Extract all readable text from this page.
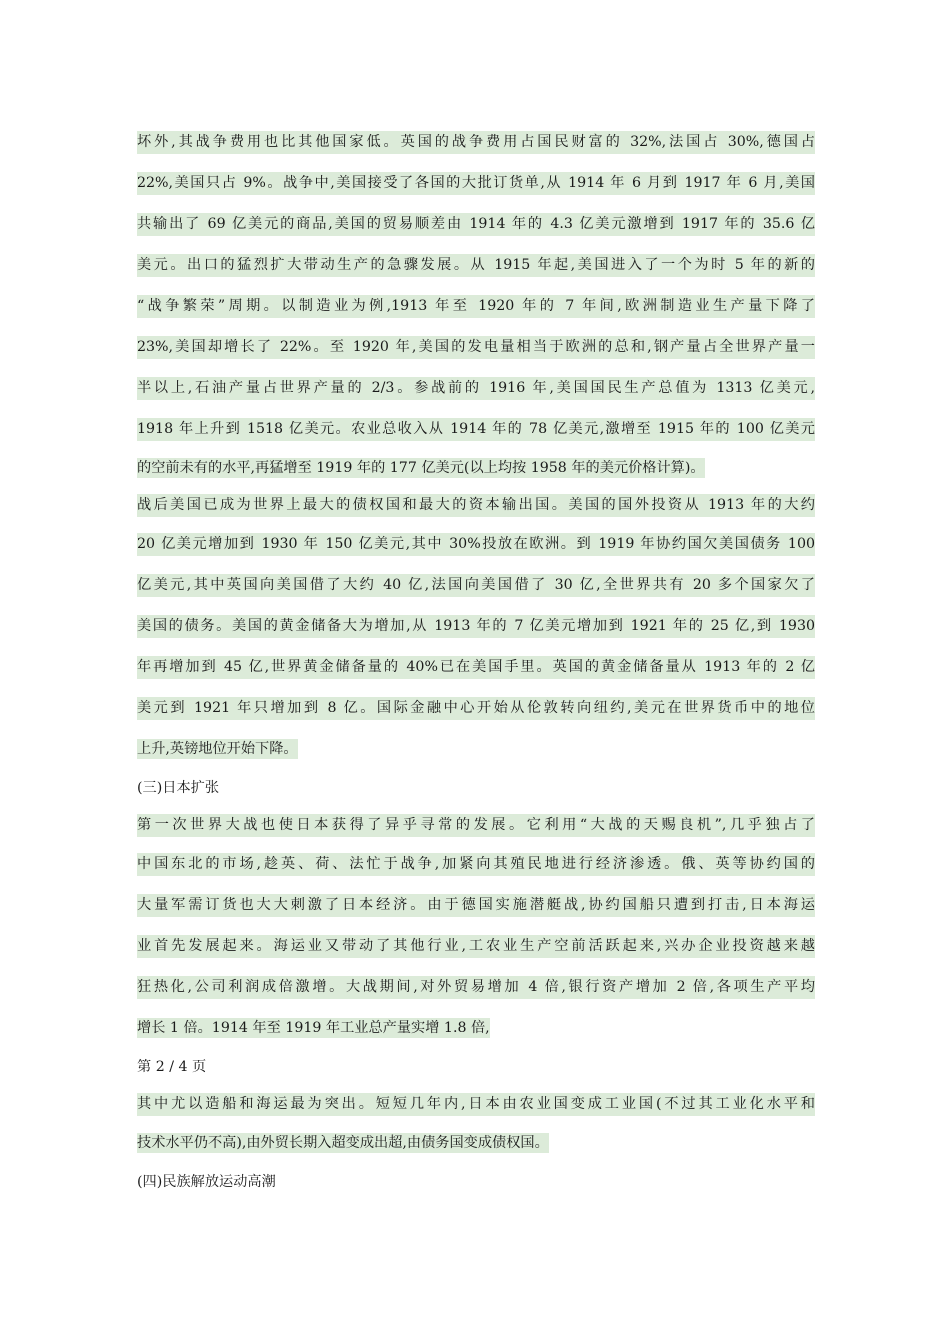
坏外,其战争费用也比其他国家低。英国的战争费用占国民财富的 32%,法国占 30%,德国占
22%,美国只占 9%。战争中,美国接受了各国的大批订货单,从 1914 年 6 月到 1917 年 6 月,美国
共输出了 69 亿美元的商品,美国的贸易顺差由 1914 年的 4.3 亿美元激增到 1917 年的 35.6 亿
美元。出口的猛烈扩大带动生产的急骤发展。从 1915 年起,美国进入了一个为时 5 年的新的
“战争繁荣”周期。以制造业为例,1913 年至 1920 年的 7 年间,欧洲制造业生产量下降了
23%,美国却增长了 22%。至 1920 年,美国的发电量相当于欧洲的总和,钢产量占全世界产量一
半以上,石油产量占世界产量的 2/3。参战前的 1916 年,美国国民生产总值为 1313 亿美元,
1918 年上升到 1518 亿美元。农业总收入从 1914 年的 78 亿美元,激增至 1915 年的 100 亿美元
的空前未有的水平,再猛增至 1919 年的 177 亿美元(以上均按 1958 年的美元价格计算)。
战后美国已成为世界上最大的债权国和最大的资本输出国。美国的国外投资从 1913 年的大约
20 亿美元增加到 1930 年 150 亿美元,其中 30%投放在欧洲。到 1919 年协约国欠美国债务 100
亿美元,其中英国向美国借了大约 40 亿,法国向美国借了 30 亿,全世界共有 20 多个国家欠了
美国的债务。美国的黄金储备大为增加,从 1913 年的 7 亿美元增加到 1921 年的 25 亿,到 1930
年再增加到 45 亿,世界黄金储备量的 40%已在美国手里。英国的黄金储备量从 1913 年的 2 亿
美元到 1921 年只增加到 8 亿。国际金融中心开始从伦敦转向纽约,美元在世界货币中的地位
上升,英镑地位开始下降。
(三)日本扩张
第一次世界大战也使日本获得了异乎寻常的发展。它利用“大战的天赐良机”,几乎独占了
中国东北的市场,趁英、荷、法忙于战争,加紧向其殖民地进行经济渗透。俄、英等协约国的
大量军需订货也大大刺激了日本经济。由于德国实施潜艇战,协约国船只遭到打击,日本海运
业首先发展起来。海运业又带动了其他行业,工农业生产空前活跃起来,兴办企业投资越来越
狂热化,公司利润成倍激增。大战期间,对外贸易增加 4 倍,银行资产增加 2 倍,各项生产平均
增长 1 倍。1914 年至 1919 年工业总产量实增 1.8 倍,
第 2 / 4 页
其中尤以造船和海运最为突出。短短几年内,日本由农业国变成工业国(不过其工业化水平和
技术水平仍不高),由外贸长期入超变成出超,由债务国变成债权国。
(四)民族解放运动高潮
